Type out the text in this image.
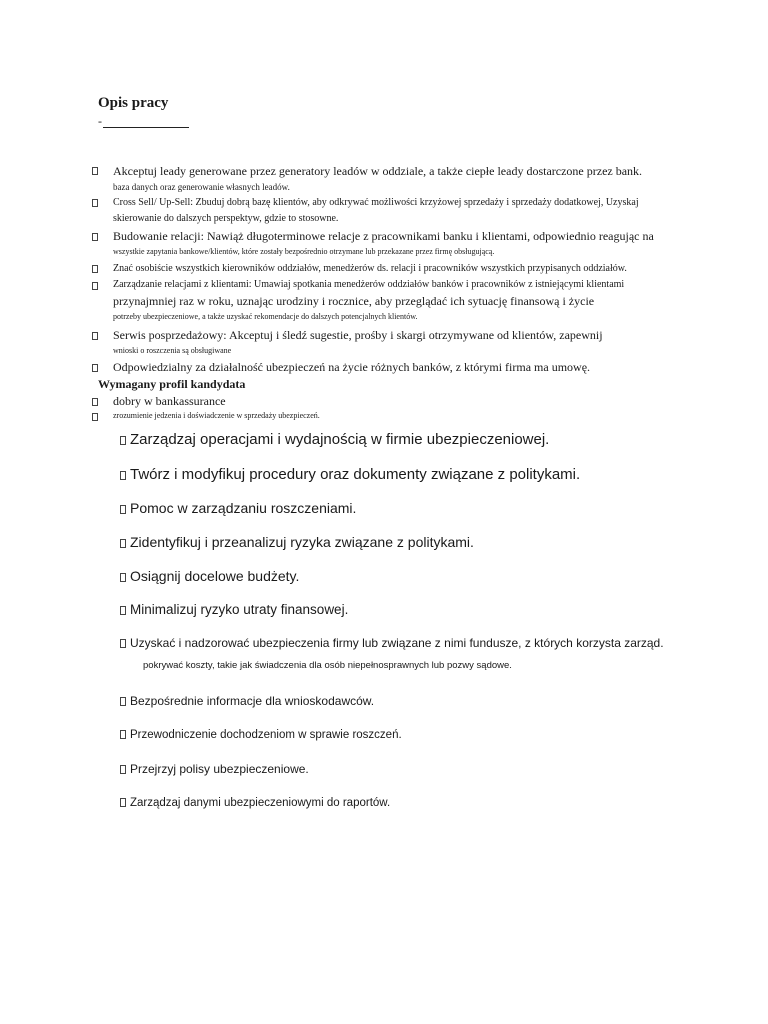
Opis pracy
-
Akceptuj leady generowane przez generatory leadów w oddziale, a także ciepłe leady dostarczone przez bank.
baza danych oraz generowanie własnych leadów.
Cross Sell/ Up-Sell: Zbuduj dobrą bazę klientów, aby odkrywać możliwości krzyżowej sprzedaży i sprzedaży dodatkowej, Uzyskaj
skierowanie do dalszych perspektyw, gdzie to stosowne.
Budowanie relacji: Nawiąż długoterminowe relacje z pracownikami banku i klientami, odpowiednio reagując na
wszystkie zapytania bankowe/klientów, które zostały bezpośrednio otrzymane lub przekazane przez firmę obsługującą.
Znać osobiście wszystkich kierowników oddziałów, menedżerów ds. relacji i pracowników wszystkich przypisanych oddziałów.
Zarządzanie relacjami z klientami: Umawiaj spotkania menedżerów oddziałów banków i pracowników z istniejącymi klientami
przynajmniej raz w roku, uznając urodziny i rocznice, aby przeglądać ich sytuację finansową i życie
potrzeby ubezpieczeniowe, a także uzyskać rekomendacje do dalszych potencjalnych klientów.
Serwis posprzedażowy: Akceptuj i śledź sugestie, prośby i skargi otrzymywane od klientów, zapewnij
wnioski o roszczenia są obsługiwane
Odpowiedzialny za działalność ubezpieczeń na życie różnych banków, z którymi firma ma umowę.
Wymagany profil kandydata
dobry w bankassurance
zrozumienie jedzenia i doświadczenie w sprzedaży ubezpieczeń.
Zarządzaj operacjami i wydajnością w firmie ubezpieczeniowej.
Twórz i modyfikuj procedury oraz dokumenty związane z politykami.
Pomoc w zarządzaniu roszczeniami.
Zidentyfikuj i przeanalizuj ryzyka związane z politykami.
Osiągnij docelowe budżety.
Minimalizuj ryzyko utraty finansowej.
Uzyskać i nadzorować ubezpieczenia firmy lub związane z nimi fundusze, z których korzysta zarząd.
pokrywać koszty, takie jak świadczenia dla osób niepełnosprawnych lub pozwy sądowe.
Bezpośrednie informacje dla wnioskodawców.
Przewodniczenie dochodzeniom w sprawie roszczeń.
Przejrzyj polisy ubezpieczeniowe.
Zarządzaj danymi ubezpieczeniowymi do raportów.
